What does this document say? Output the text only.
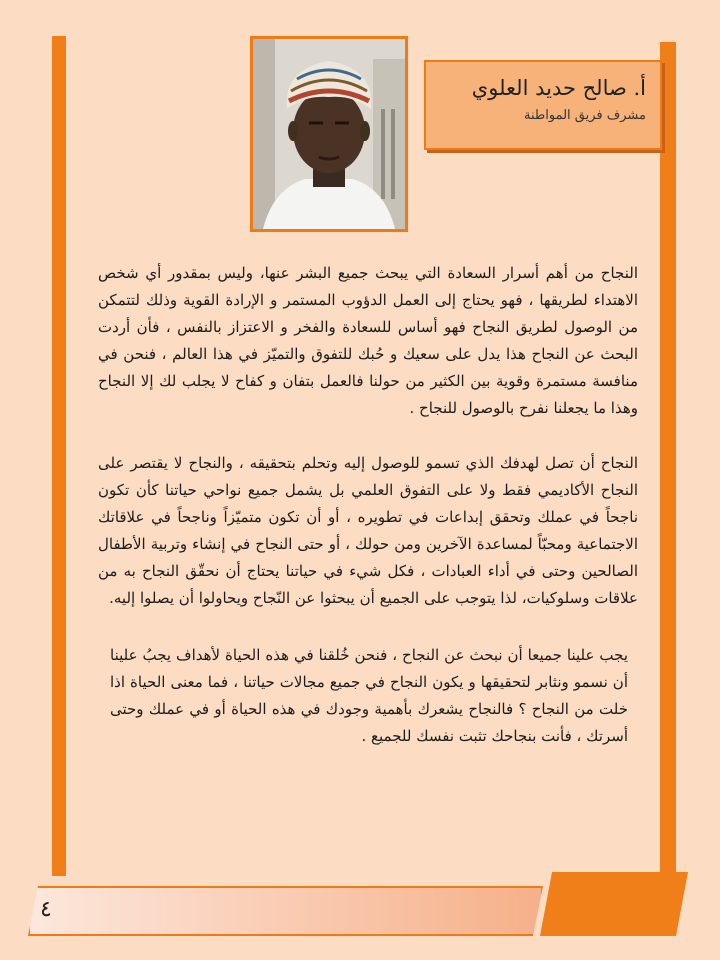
أ. صالح حديد العلوي
مشرف فريق المواطنة

النجاح من أهم أسرار السعادة التي يبحث جميع البشر عنها، وليس بمقدور أي شخص الاهتداء لطريقها ، فهو يحتاج إلى العمل الدؤوب المستمر و الإرادة القوية وذلك لتتمكن من الوصول لطريق النجاح فهو أساس للسعادة والفخر و الاعتزاز بالنفس ، فأن أردت البحث عن النجاح هذا يدل على سعيك و حُبك للتفوق والتميّز في هذا العالم ، فنحن في منافسة مستمرة وقوية بين الكثير من حولنا فالعمل بتفان و كفاح لا يجلب لك إلا النجاح وهذا ما يجعلنا نفرح بالوصول للنجاح .

النجاح أن تصل لهدفك الذي تسمو للوصول إليه وتحلم بتحقيقه ، والنجاح لا يقتصر على النجاح الأكاديمي فقط ولا على التفوق العلمي بل يشمل جميع نواحي حياتنا كأن تكون ناجحاً في عملك وتحقق إبداعات في تطويره ، أو أن تكون متميّزاً وناجحاً في علاقاتك الاجتماعية ومحبّاً لمساعدة الآخرين ومن حولك ، أو حتى النجاح في إنشاء وتربية الأطفال الصالحين وحتى في أداء العبادات ، فكل شيء في حياتنا يحتاج أن نحقّق النجاح به من علاقات وسلوكيات، لذا يتوجب على الجميع أن يبحثوا عن النّجاح ويحاولوا أن يصلوا إليه.

يجب علينا جميعا أن نبحث عن النجاح ، فنحن خُلقنا في هذه الحياة لأهداف يجبُ علينا أن نسمو ونثابر لتحقيقها و يكون النجاح في جميع مجالات حياتنا ، فما معنى الحياة اذا خلت من النجاح ؟ فالنجاح يشعرك بأهمية وجودك في هذه الحياة أو في عملك وحتى أسرتك ، فأنت بنجاحك تثبت نفسك للجميع .

٤
